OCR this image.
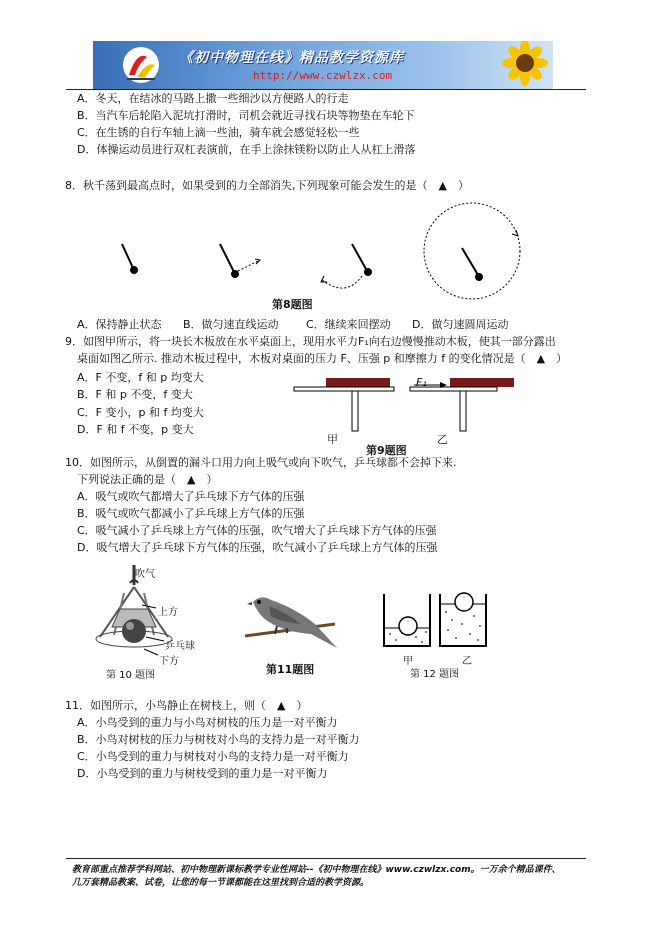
《初中物理在线》精品教学资源库
http://www.czwlzx.com
A．冬天，在结冰的马路上撒一些细沙以方便路人的行走
B．当汽车后轮陷入泥坑打滑时，司机会就近寻找石块等物垫在车轮下
C．在生锈的自行车轴上滴一些油，骑车就会感觉轻松一些
D．体操运动员进行双杠表演前，在手上涂抹镁粉以防止人从杠上滑落
8．秋千荡到最高点时，如果受到的力全部消失,下列现象可能会发生的是（　▲　）
第8题图
A．保持静止状态 B．做匀速直线运动 C．继续来回摆动 D．做匀速圆周运动
9．如图甲所示，将一块长木板放在水平桌面上，现用水平力F₁向右边慢慢推动木板，使其一部分露出
桌面如图乙所示. 推动木板过程中，木板对桌面的压力 F、压强 p 和摩擦力 f 的变化情况是（　▲　）
A．F 不变，f 和 p 均变大
B．F 和 p 不变，f 变大
C．F 变小，p 和 f 均变大
D．F 和 f 不变，p 变大
F₁
甲	乙
第9题图
10．如图所示，从倒置的漏斗口用力向上吸气或向下吹气，乒乓球都不会掉下来.
下列说法正确的是（　▲　）
A．吸气或吹气都增大了乒乓球下方气体的压强
B．吸气或吹气都减小了乒乓球上方气体的压强
C．吸气减小了乒乓球上方气体的压强，吹气增大了乒乓球下方气体的压强
D．吸气增大了乒乓球下方气体的压强，吹气减小了乒乓球上方气体的压强
吹气
上方
乒乓球
下方
第 10 题图	第11题图
甲	乙
第 12 题图
11．如图所示，小鸟静止在树枝上，则（　▲　）
A．小鸟受到的重力与小鸟对树枝的压力是一对平衡力
B．小鸟对树枝的压力与树枝对小鸟的支持力是一对平衡力
C．小鸟受到的重力与树枝对小鸟的支持力是一对平衡力
D．小鸟受到的重力与树枝受到的重力是一对平衡力
教育部重点推荐学科网站、初中物理新课标教学专业性网站--《初中物理在线》www.czwlzx.com。一万余个精品课件、
几万套精品教案、试卷，让您的每一节课都能在这里找到合适的教学资源。
